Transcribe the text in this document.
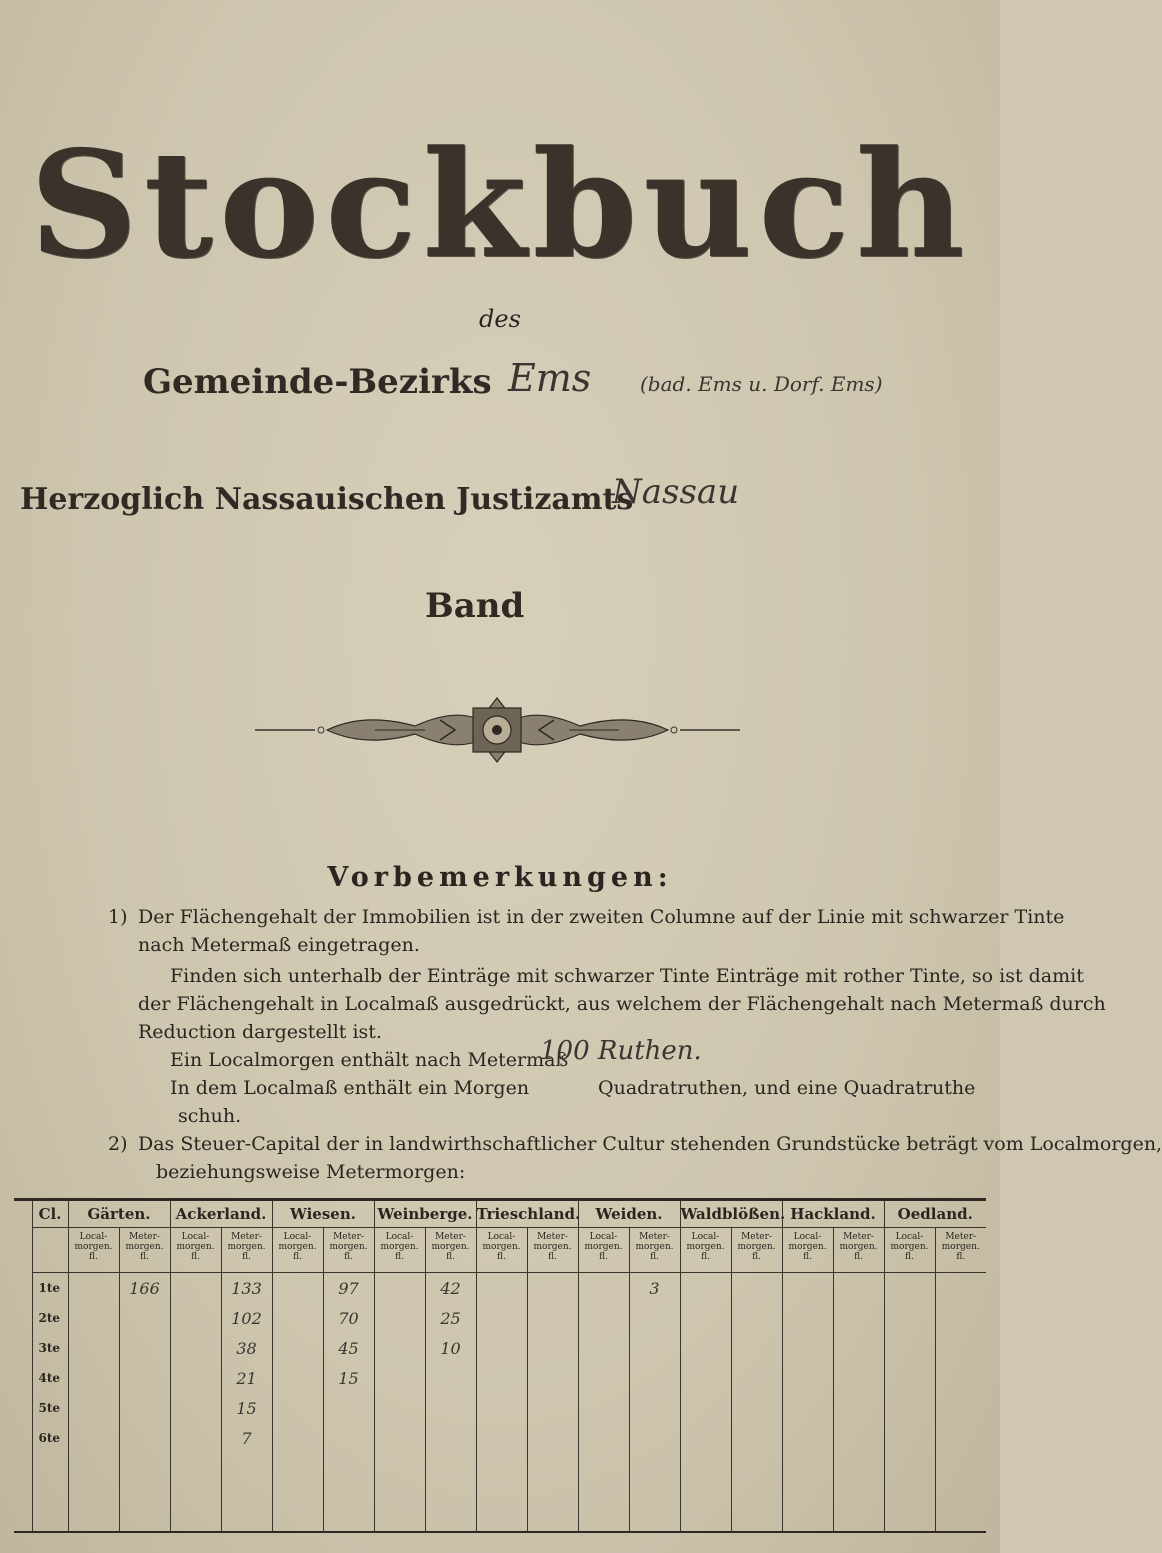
Stockbuch
des
Gemeinde-Bezirks Ems (bad. Ems u. Dorf. Ems)
Herzoglich Nassauischen Justizamts
Nassau
Band
Vorbemerkungen:
1) Der Flächengehalt der Immobilien ist in der zweiten Columne auf der Linie mit schwarzer Tinte
nach Metermaß eingetragen.
Finden sich unterhalb der Einträge mit schwarzer Tinte Einträge mit rother Tinte, so ist damit
der Flächengehalt in Localmaß ausgedrückt, aus welchem der Flächengehalt nach Metermaß durch
Reduction dargestellt ist.
Ein Localmorgen enthält nach Metermaß
100 Ruthen.
In dem Localmaß enthält ein Morgen	Quadratruthen, und eine Quadratruthe
schuh.
2) Das Steuer-Capital der in landwirthschaftlicher Cultur stehenden Grundstücke beträgt vom Localmorgen,
beziehungsweise Metermorgen:
	Cl.	Gärten.		Ackerland.		Wiesen.		Weinberge.		Trieschland.		Weiden.		Waldblößen.		Hackland.		Oedland.	
		Local-
morgen.
fl.	Meter-
morgen.
fl.	Local-
morgen.
fl.	Meter-
morgen.
fl.	Local-
morgen.
fl.	Meter-
morgen.
fl.	Local-
morgen.
fl.	Meter-
morgen.
fl.	Local-
morgen.
fl.	Meter-
morgen.
fl.	Local-
morgen.
fl.	Meter-
morgen.
fl.	Local-
morgen.
fl.	Meter-
morgen.
fl.	Local-
morgen.
fl.	Meter-
morgen.
fl.	Local-
morgen.
fl.	Meter-
morgen.
fl.
	1te		166		133		97		42				3						
	2te				102		70		25										
	3te				38		45		10										
	4te				21		15												
	5te				15														
	6te				7														
